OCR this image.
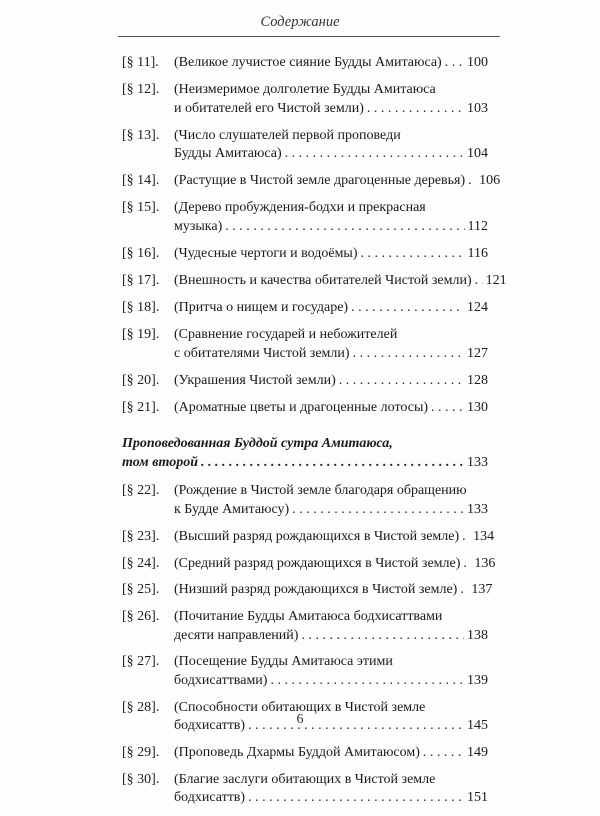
Содержание
[§ 11].	(Великое лучистое сияние Будды Амитаюса) . . . 100
[§ 12].	(Неизмеримое долголетие Будды Амитаюса
и обитателей его Чистой земли) . . .	103
[§ 13].	(Число слушателей первой проповеди
Будды Амитаюса) . . .	104
[§ 14].	(Растущие в Чистой земле драгоценные деревья) . . . 106
[§ 15].	(Дерево пробуждения-бодхи и прекрасная
музыка) . . .	112
[§ 16].	(Чудесные чертоги и водоёмы) . . .	116
[§ 17].	(Внешность и качества обитателей Чистой земли) . . . 121
[§ 18].	(Притча о нищем и государе) . . .	124
[§ 19].	(Сравнение государей и небожителей
с обитателями Чистой земли) . . .	127
[§ 20].	(Украшения Чистой земли) . . .	128
[§ 21].	(Ароматные цветы и драгоценные лотосы) . . .	130
Проповедованная Буддой сутра Амитаюса,
том второй . . .	133
[§ 22].	(Рождение в Чистой земле благодаря обращению
к Будде Амитаюсу) . . .	133
[§ 23].	(Высший разряд рождающихся в Чистой земле) . . . 134
[§ 24].	(Средний разряд рождающихся в Чистой земле) . . . 136
[§ 25].	(Низший разряд рождающихся в Чистой земле) . . . 137
[§ 26].	(Почитание Будды Амитаюса бодхисаттвами
десяти направлений) . . .	138
[§ 27].	(Посещение Будды Амитаюса этими
бодхисаттвами) . . .	139
[§ 28].	(Способности обитающих в Чистой земле
бодхисаттв) . . .	145
[§ 29].	(Проповедь Дхармы Буддой Амитаюсом) . . .	149
[§ 30].	(Благие заслуги обитающих в Чистой земле
бодхисаттв) . . .	151
6
